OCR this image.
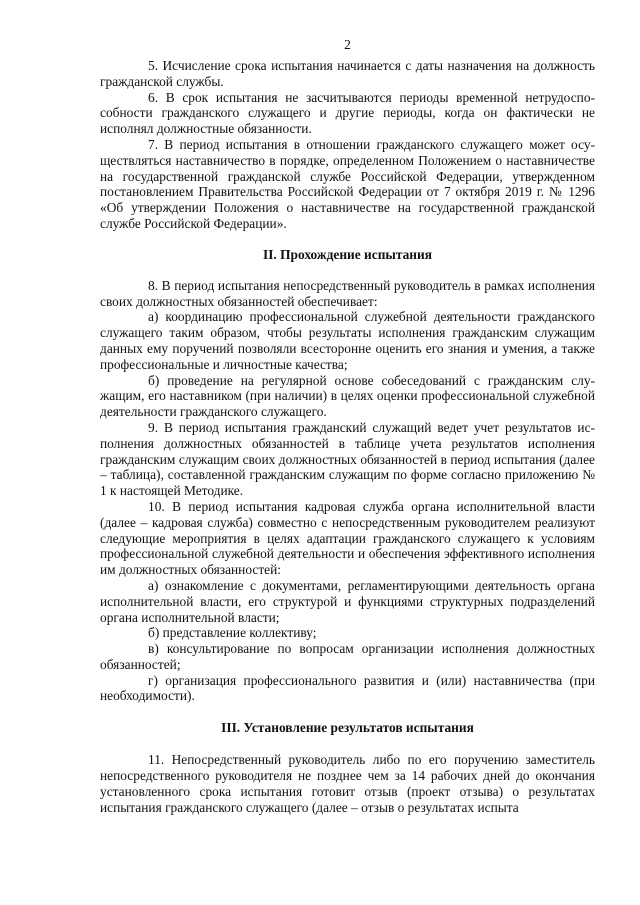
2

5. Исчисление срока испытания начинается с даты назначения на должность гражданской службы.

6. В срок испытания не засчитываются периоды временной нетрудоспособности гражданского служащего и другие периоды, когда он фактически не исполнял должностные обязанности.

7. В период испытания в отношении гражданского служащего может осуществляться наставничество в порядке, определенном Положением о наставничестве на государственной гражданской службе Российской Федерации, утвержденном постановлением Правительства Российской Федерации от 7 октября 2019 г. № 1296 «Об утверждении Положения о наставничестве на государственной гражданской службе Российской Федерации».

II. Прохождение испытания

8. В период испытания непосредственный руководитель в рамках исполнения своих должностных обязанностей обеспечивает:

а) координацию профессиональной служебной деятельности гражданского служащего таким образом, чтобы результаты исполнения гражданским служащим данных ему поручений позволяли всесторонне оценить его знания и умения, а также профессиональные и личностные качества;

б) проведение на регулярной основе собеседований с гражданским служащим, его наставником (при наличии) в целях оценки профессиональной служебной деятельности гражданского служащего.

9. В период испытания гражданский служащий ведет учет результатов исполнения должностных обязанностей в таблице учета результатов исполнения гражданским служащим своих должностных обязанностей в период испытания (далее – таблица), составленной гражданским служащим по форме согласно приложению № 1 к настоящей Методике.

10. В период испытания кадровая служба органа исполнительной власти (далее – кадровая служба) совместно с непосредственным руководителем реализуют следующие мероприятия в целях адаптации гражданского служащего к условиям профессиональной служебной деятельности и обеспечения эффективного исполнения им должностных обязанностей:

а) ознакомление с документами, регламентирующими деятельность органа исполнительной власти, его структурой и функциями структурных подразделений органа исполнительной власти;

б) представление коллективу;

в) консультирование по вопросам организации исполнения должностных обязанностей;

г) организация профессионального развития и (или) наставничества (при необходимости).

III. Установление результатов испытания

11. Непосредственный руководитель либо по его поручению заместитель непосредственного руководителя не позднее чем за 14 рабочих дней до окончания установленного срока испытания готовит отзыв (проект отзыва) о результатах испытания гражданского служащего (далее – отзыв о результатах испыта
